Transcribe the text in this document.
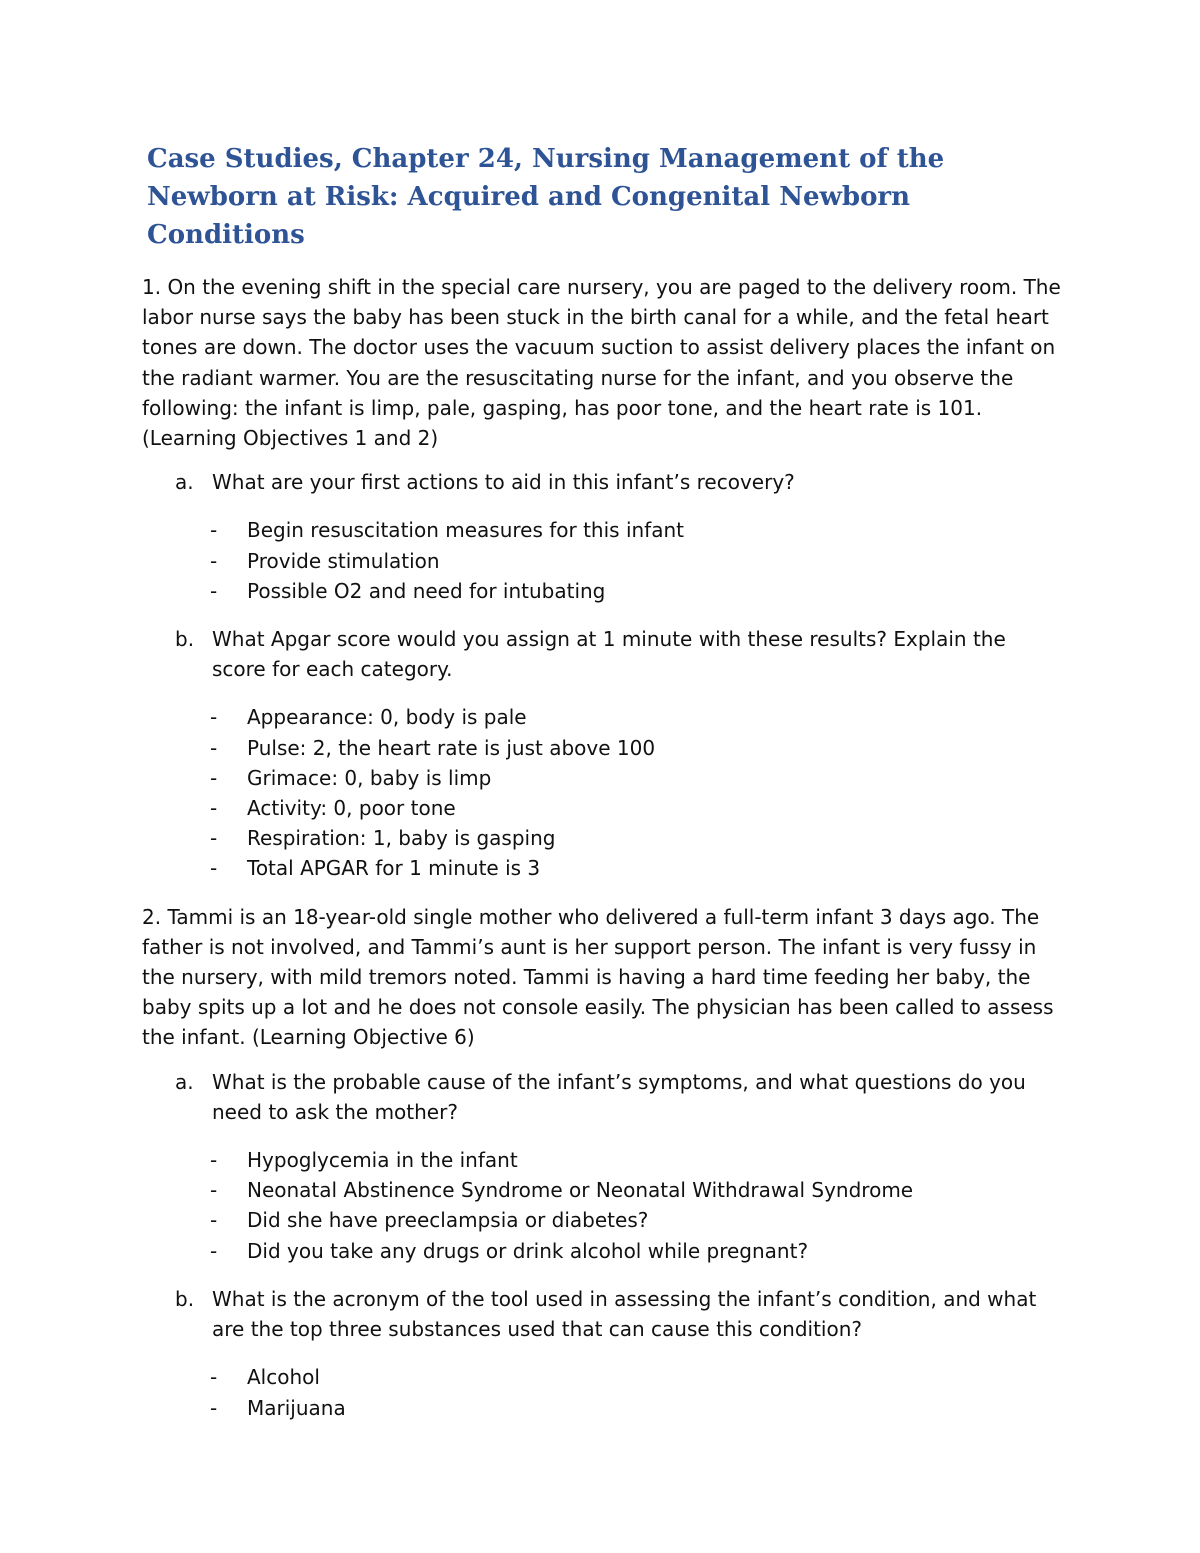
Case Studies, Chapter 24, Nursing Management of the Newborn at Risk: Acquired and Congenital Newborn Conditions

1. On the evening shift in the special care nursery, you are paged to the delivery room. The labor nurse says the baby has been stuck in the birth canal for a while, and the fetal heart tones are down. The doctor uses the vacuum suction to assist delivery places the infant on the radiant warmer. You are the resuscitating nurse for the infant, and you observe the following: the infant is limp, pale, gasping, has poor tone, and the heart rate is 101. (Learning Objectives 1 and 2)

a. What are your first actions to aid in this infant’s recovery?
-	Begin resuscitation measures for this infant
-	Provide stimulation
-	Possible O2 and need for intubating
b. What Apgar score would you assign at 1 minute with these results? Explain the score for each category.
-	Appearance: 0, body is pale
-	Pulse: 2, the heart rate is just above 100
-	Grimace: 0, baby is limp
-	Activity: 0, poor tone
-	Respiration: 1, baby is gasping
-	Total APGAR for 1 minute is 3

2. Tammi is an 18-year-old single mother who delivered a full-term infant 3 days ago. The father is not involved, and Tammi’s aunt is her support person. The infant is very fussy in the nursery, with mild tremors noted. Tammi is having a hard time feeding her baby, the baby spits up a lot and he does not console easily. The physician has been called to assess the infant. (Learning Objective 6)

a. What is the probable cause of the infant’s symptoms, and what questions do you need to ask the mother?
-	Hypoglycemia in the infant
-	Neonatal Abstinence Syndrome or Neonatal Withdrawal Syndrome
-	Did she have preeclampsia or diabetes?
-	Did you take any drugs or drink alcohol while pregnant?
b. What is the acronym of the tool used in assessing the infant’s condition, and what are the top three substances used that can cause this condition?
-	Alcohol
-	Marijuana
